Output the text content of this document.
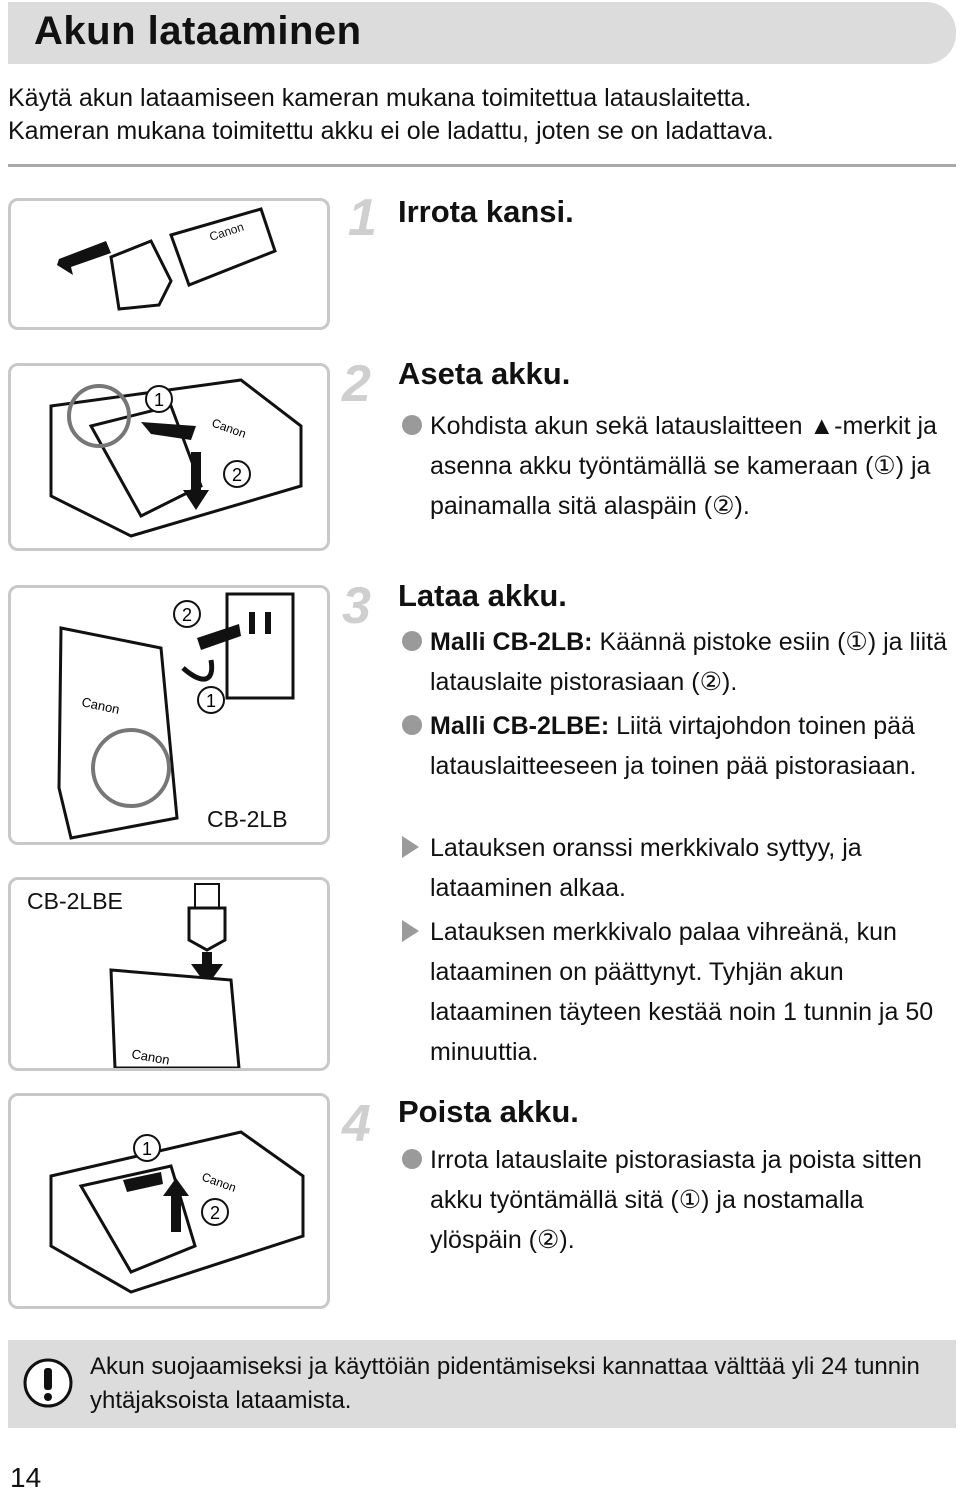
Akun lataaminen

Käytä akun lataamiseen kameran mukana toimitettua latauslaitetta.

Kameran mukana toimitettu akku ei ole ladattu, joten se on ladattava.

Canon
Canon
1
2
Canon
2
1
CB-2LB
Canon
CB-2LBE
Canon
1
2
1 Irrota kansi.
2 Aseta akku.
Kohdista akun sekä latauslaitteen ▲-merkit ja asenna akku työntämällä se kameraan (①) ja painamalla sitä alaspäin (②).
3 Lataa akku.
Malli CB-2LB: Käännä pistoke esiin (①) ja liitä latauslaite pistorasiaan (②).
Malli CB-2LBE: Liitä virtajohdon toinen pää latauslaitteeseen ja toinen pää pistorasiaan.
Latauksen oranssi merkkivalo syttyy, ja lataaminen alkaa.
Latauksen merkkivalo palaa vihreänä, kun lataaminen on päättynyt. Tyhjän akun lataaminen täyteen kestää noin 1 tunnin ja 50 minuuttia.
4 Poista akku.
Irrota latauslaite pistorasiasta ja poista sitten akku työntämällä sitä (①) ja nostamalla ylöspäin (②).
Akun suojaamiseksi ja käyttöiän pidentämiseksi kannattaa välttää yli 24 tunnin yhtäjaksoista lataamista.
14
